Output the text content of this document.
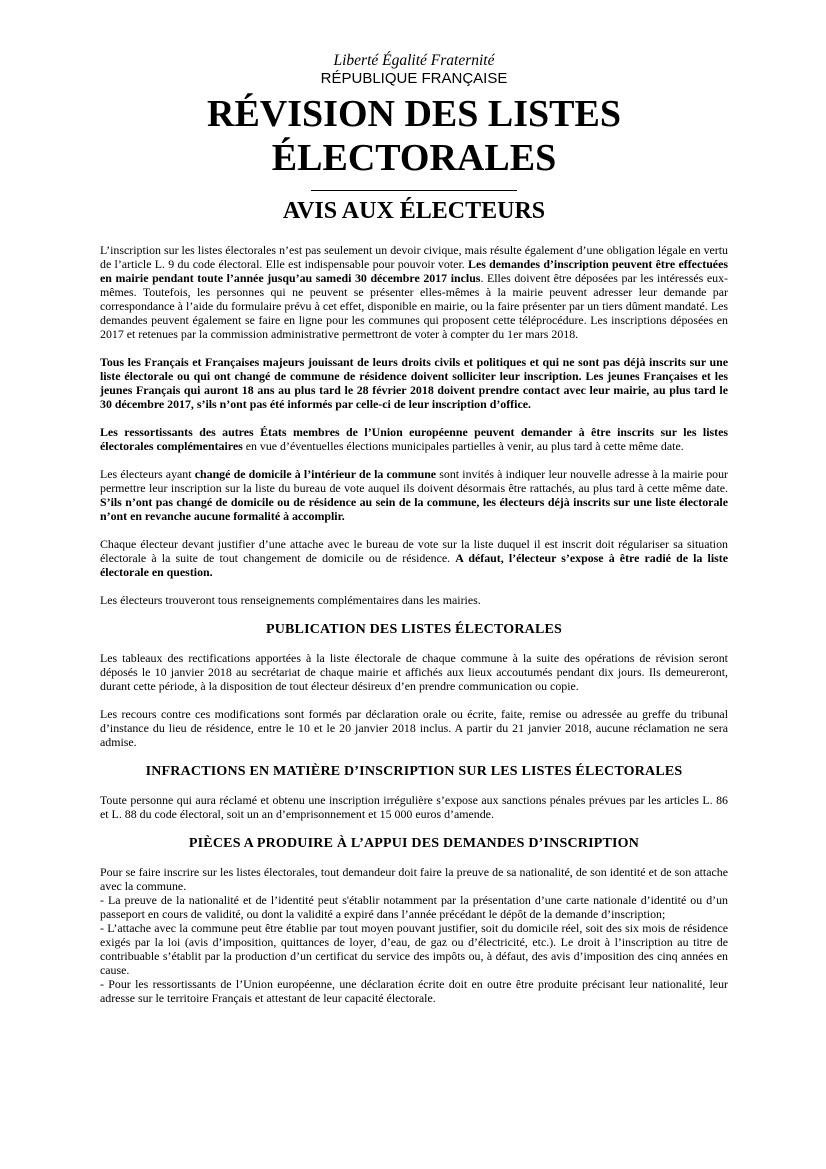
Liberté Égalité Fraternité

RÉPUBLIQUE FRANÇAISE

RÉVISION DES LISTES
ÉLECTORALES
AVIS AUX ÉLECTEURS

L’inscription sur les listes électorales n’est pas seulement un devoir civique, mais résulte également d’une obligation légale en vertu de l’article L. 9 du code électoral. Elle est indispensable pour pouvoir voter. Les demandes d’inscription peuvent être effectuées en mairie pendant toute l’année jusqu’au samedi 30 décembre 2017 inclus. Elles doivent être déposées par les intéressés eux-mêmes. Toutefois, les personnes qui ne peuvent se présenter elles-mêmes à la mairie peuvent adresser leur demande par correspondance à l’aide du formulaire prévu à cet effet, disponible en mairie, ou la faire présenter par un tiers dûment mandaté. Les demandes peuvent également se faire en ligne pour les communes qui proposent cette téléprocédure. Les inscriptions déposées en 2017 et retenues par la commission administrative permettront de voter à compter du 1er mars 2018.

Tous les Français et Françaises majeurs jouissant de leurs droits civils et politiques et qui ne sont pas déjà inscrits sur une liste électorale ou qui ont changé de commune de résidence doivent solliciter leur inscription. Les jeunes Françaises et les jeunes Français qui auront 18 ans au plus tard le 28 février 2018 doivent prendre contact avec leur mairie, au plus tard le 30 décembre 2017, s’ils n’ont pas été informés par celle-ci de leur inscription d’office.

Les ressortissants des autres États membres de l’Union européenne peuvent demander à être inscrits sur les listes électorales complémentaires en vue d’éventuelles élections municipales partielles à venir, au plus tard à cette même date.

Les électeurs ayant changé de domicile à l’intérieur de la commune sont invités à indiquer leur nouvelle adresse à la mairie pour permettre leur inscription sur la liste du bureau de vote auquel ils doivent désormais être rattachés, au plus tard à cette même date. S’ils n’ont pas changé de domicile ou de résidence au sein de la commune, les électeurs déjà inscrits sur une liste électorale n’ont en revanche aucune formalité à accomplir.

Chaque électeur devant justifier d’une attache avec le bureau de vote sur la liste duquel il est inscrit doit régulariser sa situation électorale à la suite de tout changement de domicile ou de résidence. A défaut, l’électeur s’expose à être radié de la liste électorale en question.

Les électeurs trouveront tous renseignements complémentaires dans les mairies.

PUBLICATION DES LISTES ÉLECTORALES

Les tableaux des rectifications apportées à la liste électorale de chaque commune à la suite des opérations de révision seront déposés le 10 janvier 2018 au secrétariat de chaque mairie et affichés aux lieux accoutumés pendant dix jours. Ils demeureront, durant cette période, à la disposition de tout électeur désireux d’en prendre communication ou copie.

Les recours contre ces modifications sont formés par déclaration orale ou écrite, faite, remise ou adressée au greffe du tribunal d’instance du lieu de résidence, entre le 10 et le 20 janvier 2018 inclus. A partir du 21 janvier 2018, aucune réclamation ne sera admise.

INFRACTIONS EN MATIÈRE D’INSCRIPTION SUR LES LISTES ÉLECTORALES

Toute personne qui aura réclamé et obtenu une inscription irrégulière s’expose aux sanctions pénales prévues par les articles L. 86 et L. 88 du code électoral, soit un an d’emprisonnement et 15 000 euros d’amende.

PIÈCES A PRODUIRE À L’APPUI DES DEMANDES D’INSCRIPTION

Pour se faire inscrire sur les listes électorales, tout demandeur doit faire la preuve de sa nationalité, de son identité et de son attache avec la commune.

- La preuve de la nationalité et de l’identité peut s'établir notamment par la présentation d’une carte nationale d’identité ou d’un passeport en cours de validité, ou dont la validité a expiré dans l’année précédant le dépôt de la demande d’inscription;

- L’attache avec la commune peut être établie par tout moyen pouvant justifier, soit du domicile réel, soit des six mois de résidence exigés par la loi (avis d’imposition, quittances de loyer, d’eau, de gaz ou d’électricité, etc.). Le droit à l’inscription au titre de contribuable s’établit par la production d’un certificat du service des impôts ou, à défaut, des avis d’imposition des cinq années en cause.

- Pour les ressortissants de l’Union européenne, une déclaration écrite doit en outre être produite précisant leur nationalité, leur adresse sur le territoire Français et attestant de leur capacité électorale.
